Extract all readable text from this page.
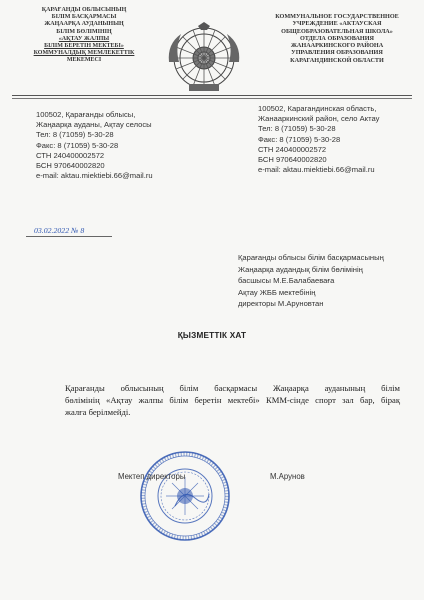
ҚАРАҒАНДЫ ОБЛЫСЫНЫҢ
БІЛІМ БАСҚАРМАСЫ
ЖАҢААРҚА АУДАНЫНЫҢ
БІЛІМ БӨЛІМІНІҢ
«АҚТАУ ЖАЛПЫ
БІЛІМ БЕРЕТІН МЕКТЕБІ»
КОММУНАЛДЫҚ МЕМЛЕКЕТТІК
МЕКЕМЕСІ
КОММУНАЛЬНОЕ ГОСУДАРСТВЕННОЕ
УЧРЕЖДЕНИЕ «АКТАУСКАЯ
ОБЩЕОБРАЗОВАТЕЛЬНАЯ ШКОЛА»
ОТДЕЛА ОБРАЗОВАНИЯ
ЖАНААРКИНСКОГО РАЙОНА
УПРАВЛЕНИЯ ОБРАЗОВАНИЯ
КАРАГАНДИНСКОЙ ОБЛАСТИ
100502, Қарағанды облысы,
Жаңаарқа ауданы, Ақтау селосы
Тел: 8 (71059) 5-30-28
Факс: 8 (71059) 5-30-28
СТН 240400002572
БСН 970640002820
e-mail: aktau.miektiebi.66@mail.ru
100502, Карагандинская область,
Жанааркинский район, село Актау
Тел: 8 (71059) 5-30-28
Факс: 8 (71059) 5-30-28
СТН 240400002572
БСН 970640002820
e-mail: aktau.miektiebi.66@mail.ru
03.02.2022 № 8
Қарағанды облысы білім басқармасының
Жаңаарқа аудандық білім бөлімінің
басшысы М.Е.Балабаеваға
Ақтау ЖББ мектебінің
директоры М.Аруновтан
ҚЫЗМЕТТІК ХАТ
Қарағанды облысының білім басқармасы Жаңаарқа ауданының білім
бөлімінің «Ақтау жалпы білім беретін мектебі» КММ-сінде спорт зал бар, бірақ
жалға берілмейді.
Мектеп директоры	М.Арунов
